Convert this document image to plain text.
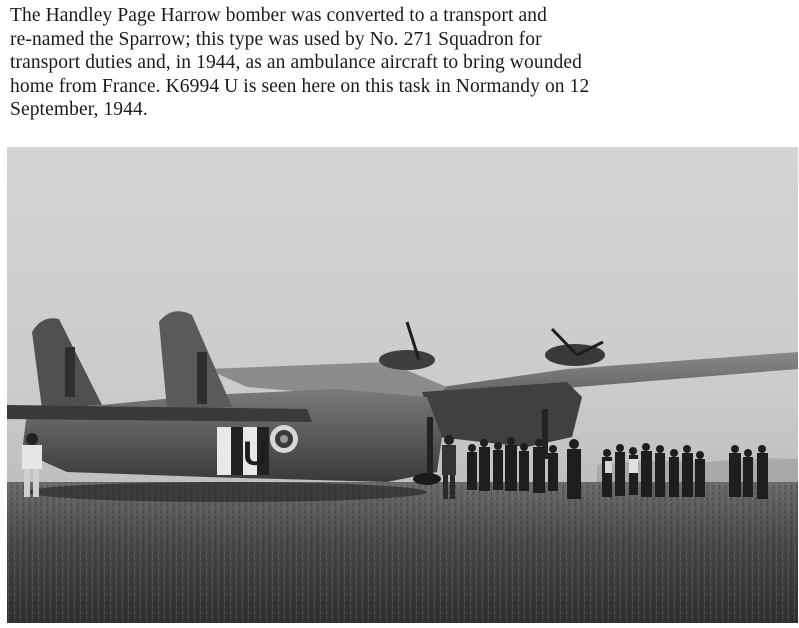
The Handley Page Harrow bomber was converted to a transport and
re-named the Sparrow; this type was used by No. 271 Squadron for
transport duties and, in 1944, as an ambulance aircraft to bring wounded
home from France. K6994 U is seen here on this task in Normandy on 12
September, 1944.
U
